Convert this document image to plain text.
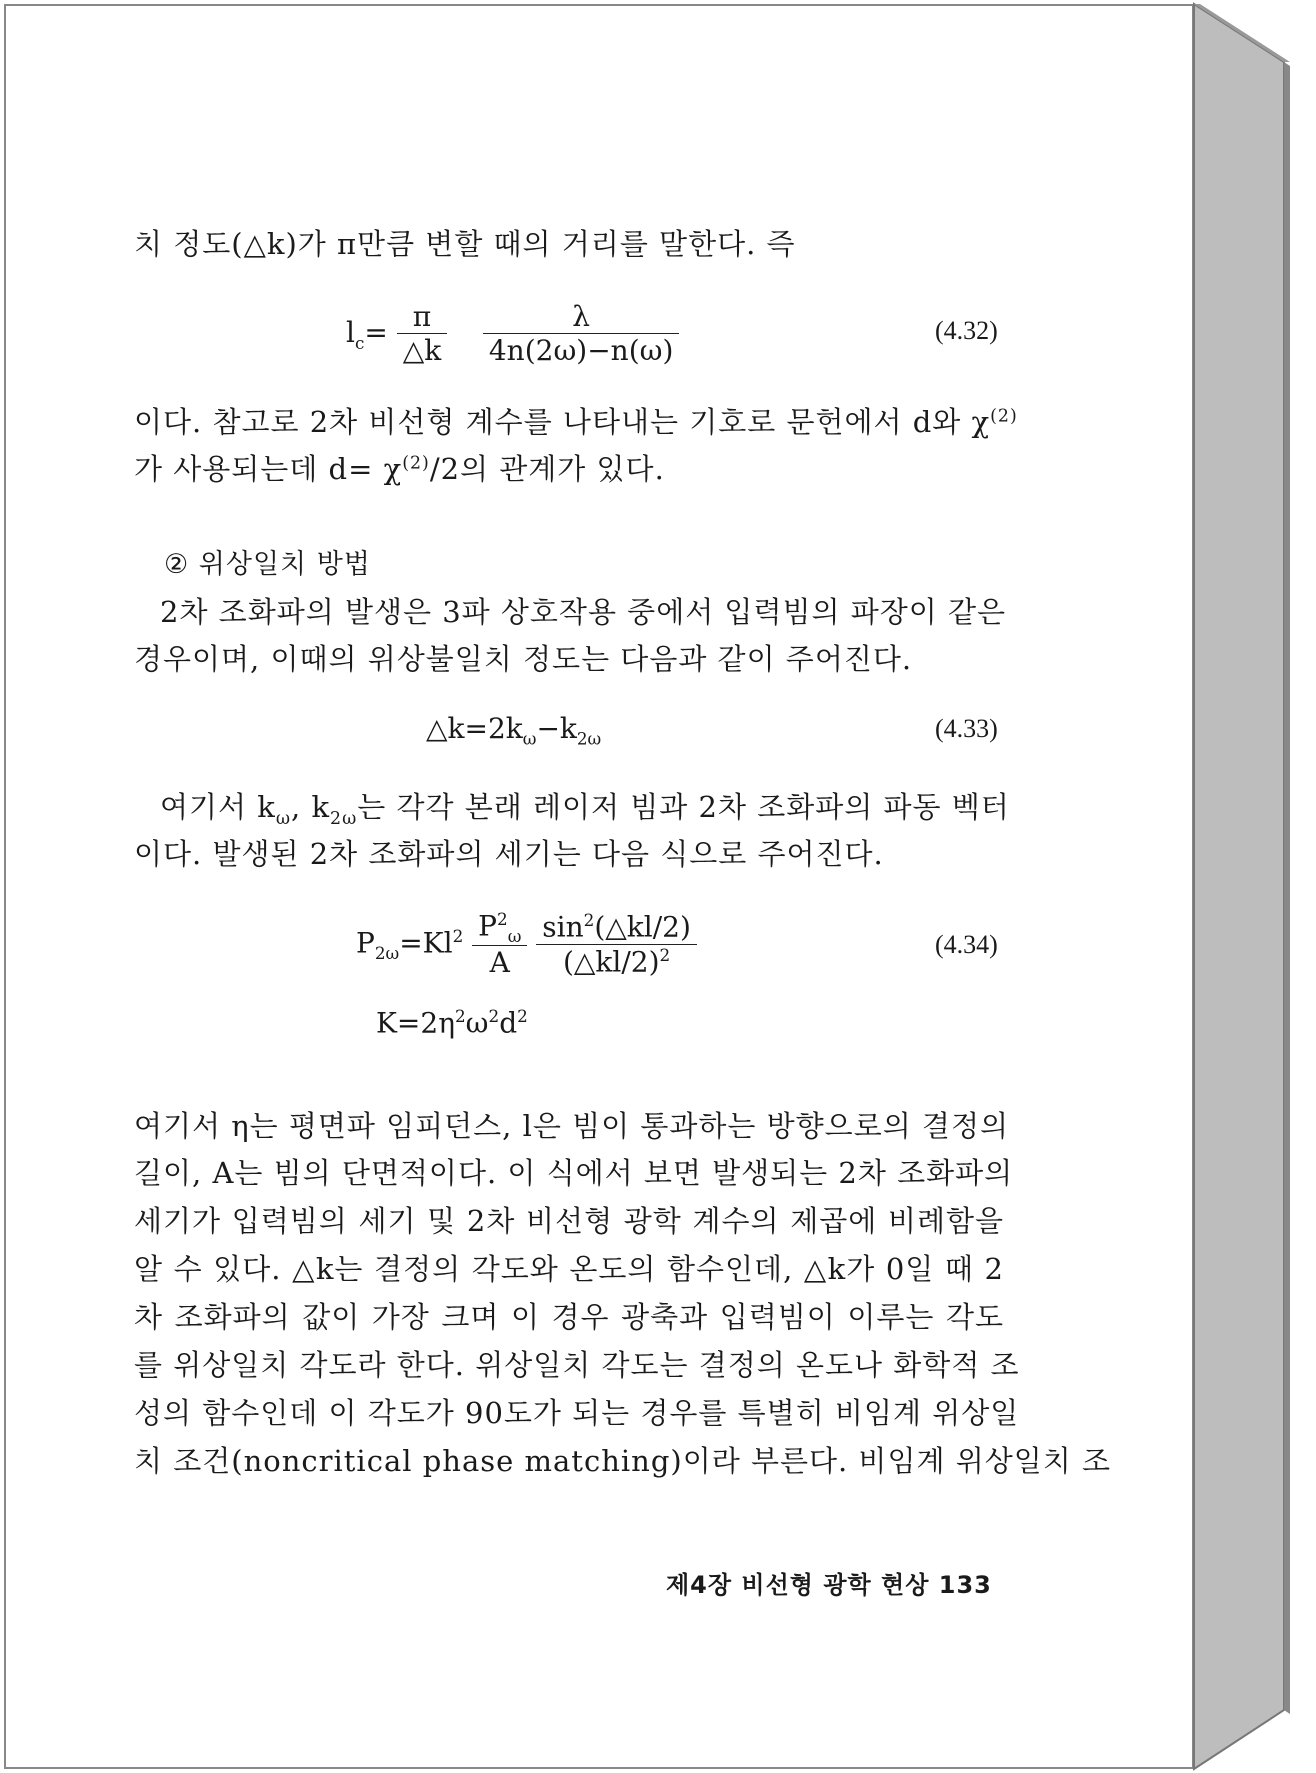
치 정도(△k)가 π만큼 변할 때의 거리를 말한다. 즉
$l_c= \frac{\pi}{\triangle k}$
$\frac{\lambda}{4n(2\omega)-n(\omega)}$	(4.32)
이다. 참고로 2차 비선형 계수를 나타내는 기호로 문헌에서 d와 $\chi^{(2)}$
가 사용되는데 $d= \chi^{(2)}/2$의 관계가 있다.
② 위상일치 방법
2차 조화파의 발생은 3파 상호작용 중에서 입력빔의 파장이 같은
경우이며, 이때의 위상불일치 정도는 다음과 같이 주어진다.
$\triangle k=2k_\omega-k_{2\omega}$	(4.33)
여기서 $k_\omega$, $k_{2\omega}$는 각각 본래 레이저 빔과 2차 조화파의 파동 벡터
이다. 발생된 2차 조화파의 세기는 다음 식으로 주어진다.
$P_{2\omega}=Kl^2 \frac{P^2_\omega}{A}$
$\frac{\sin^2(\triangle kl/2)}{(\triangle kl/2)^2}$	(4.34)
$K=2\eta^2\omega^2d^2$
여기서 η는 평면파 임피던스, l은 빔이 통과하는 방향으로의 결정의
길이, A는 빔의 단면적이다. 이 식에서 보면 발생되는 2차 조화파의
세기가 입력빔의 세기 및 2차 비선형 광학 계수의 제곱에 비례함을
알 수 있다. △k는 결정의 각도와 온도의 함수인데, △k가 0일 때 2
차 조화파의 값이 가장 크며 이 경우 광축과 입력빔이 이루는 각도
를 위상일치 각도라 한다. 위상일치 각도는 결정의 온도나 화학적 조
성의 함수인데 이 각도가 90도가 되는 경우를 특별히 비임계 위상일
치 조건(noncritical phase matching)이라 부른다. 비임계 위상일치 조
제4장 비선형 광학 현상 133
